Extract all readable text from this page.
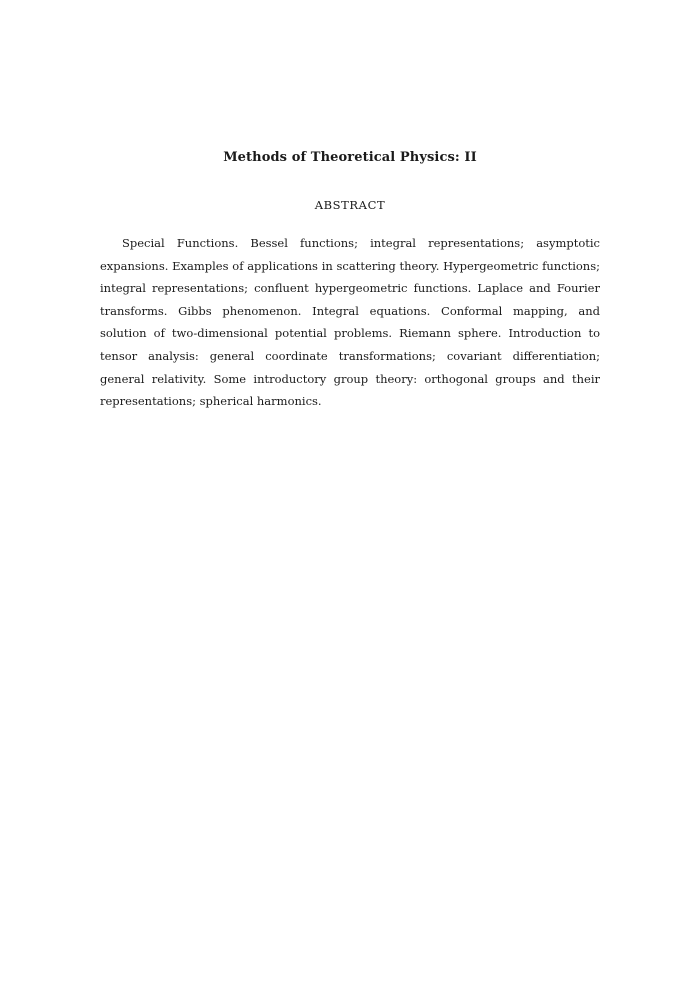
Methods of Theoretical Physics: II
ABSTRACT
Special Functions. Bessel functions; integral representations; asymptotic expansions. Examples of applications in scattering theory. Hypergeometric functions; integral representations; confluent hypergeometric functions. Laplace and Fourier transforms. Gibbs phenomenon. Integral equations. Conformal mapping, and solution of two-dimensional potential problems. Riemann sphere. Introduction to tensor analysis: general coordinate transformations; covariant differentiation; general relativity. Some introductory group theory: orthogonal groups and their representations; spherical harmonics.
